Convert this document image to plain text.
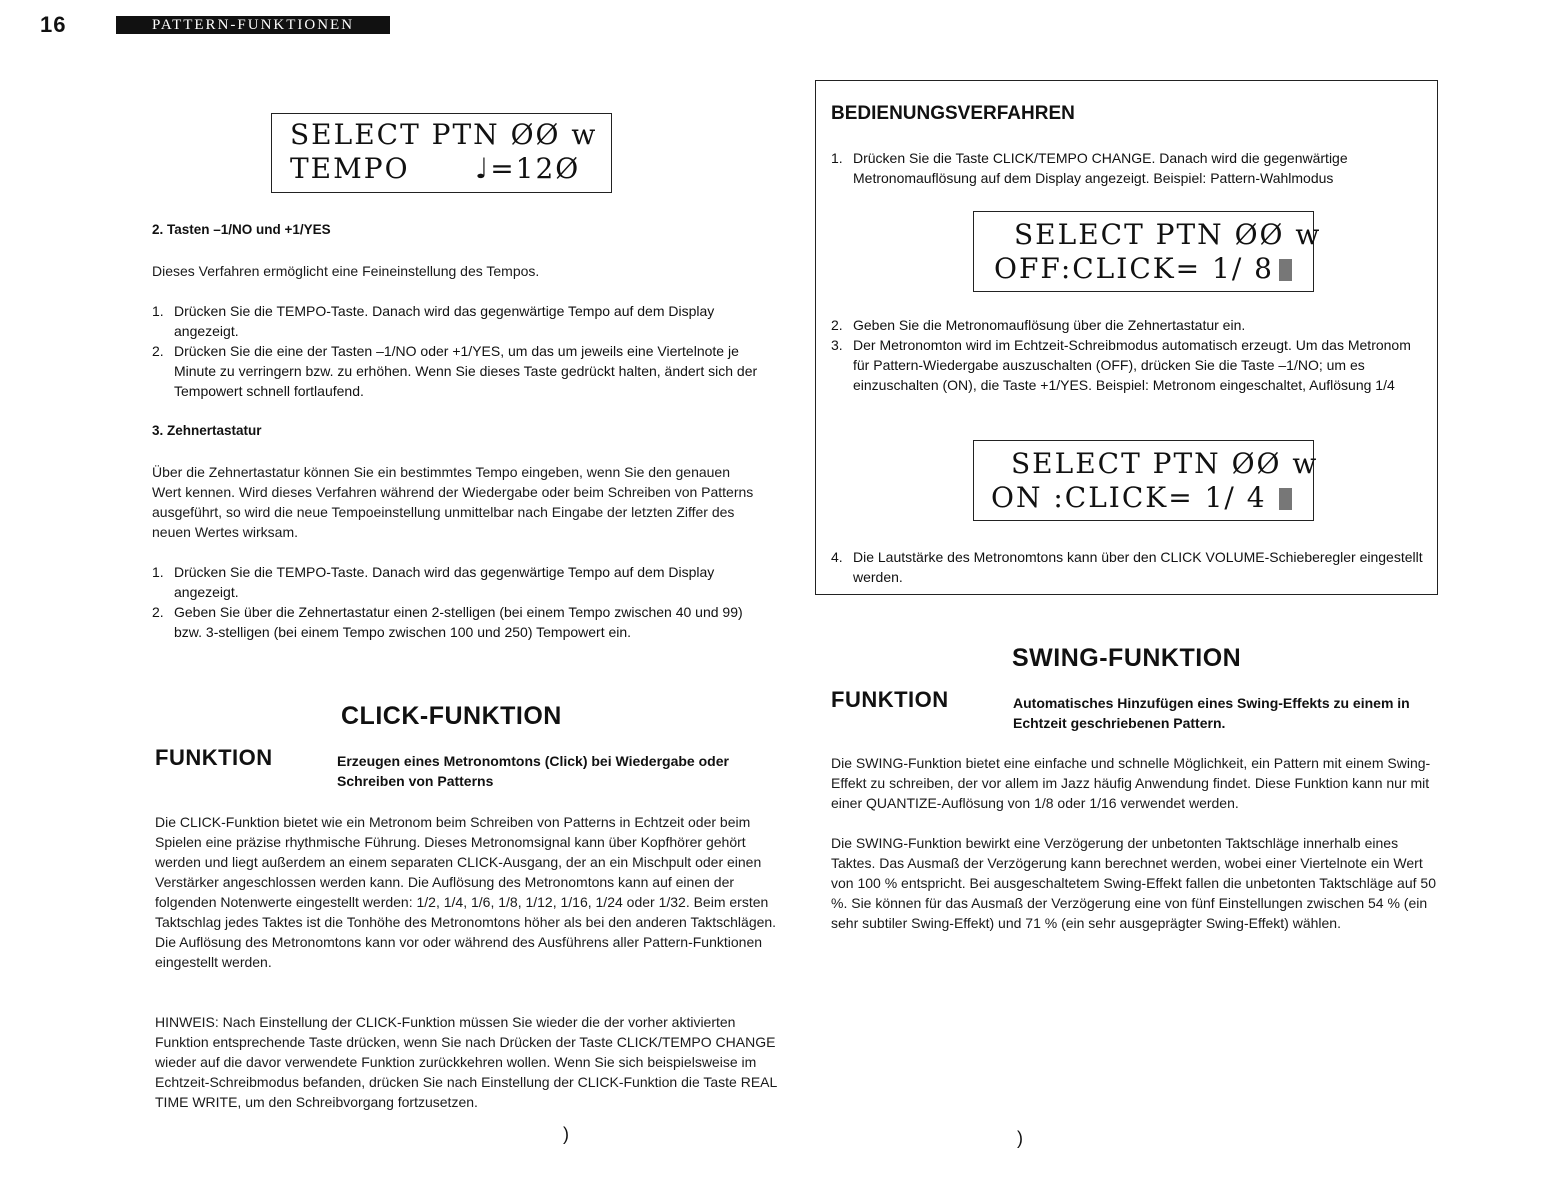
16	PATTERN-FUNKTIONEN
SELECT PTN ØØ w
TEMPO      ♩=12Ø
2. Tasten –1/NO und +1/YES
Dieses Verfahren ermöglicht eine Feineinstellung des Tempos.
1. Drücken Sie die TEMPO-Taste. Danach wird das gegenwärtige Tempo auf dem Display angezeigt.
2. Drücken Sie die eine der Tasten –1/NO oder +1/YES, um das um jeweils eine Viertelnote je Minute zu verringern bzw. zu erhöhen. Wenn Sie dieses Taste gedrückt halten, ändert sich der Tempowert schnell fortlaufend.
3. Zehnertastatur
Über die Zehnertastatur können Sie ein bestimmtes Tempo eingeben, wenn Sie den genauen Wert kennen. Wird dieses Verfahren während der Wiedergabe oder beim Schreiben von Patterns ausgeführt, so wird die neue Tempoeinstellung unmittelbar nach Eingabe der letzten Ziffer des neuen Wertes wirksam.
1. Drücken Sie die TEMPO-Taste. Danach wird das gegenwärtige Tempo auf dem Display angezeigt.
2. Geben Sie über die Zehnertastatur einen 2-stelligen (bei einem Tempo zwischen 40 und 99) bzw. 3-stelligen (bei einem Tempo zwischen 100 und 250) Tempowert ein.
CLICK-FUNKTION
FUNKTION	Erzeugen eines Metronomtons (Click) bei Wiedergabe oder Schreiben von Patterns
Die CLICK-Funktion bietet wie ein Metronom beim Schreiben von Patterns in Echtzeit oder beim Spielen eine präzise rhythmische Führung. Dieses Metronomsignal kann über Kopfhörer gehört werden und liegt außerdem an einem separaten CLICK-Ausgang, der an ein Mischpult oder einen Verstärker angeschlossen werden kann. Die Auflösung des Metronomtons kann auf einen der folgenden Notenwerte eingestellt werden: 1/2, 1/4, 1/6, 1/8, 1/12, 1/16, 1/24 oder 1/32. Beim ersten Taktschlag jedes Taktes ist die Tonhöhe des Metronomtons höher als bei den anderen Taktschlägen. Die Auflösung des Metronomtons kann vor oder während des Ausführens aller Pattern-Funktionen eingestellt werden.
HINWEIS: Nach Einstellung der CLICK-Funktion müssen Sie wieder die der vorher aktivierten Funktion entsprechende Taste drücken, wenn Sie nach Drücken der Taste CLICK/TEMPO CHANGE wieder auf die davor verwendete Funktion zurückkehren wollen. Wenn Sie sich beispielsweise im Echtzeit-Schreibmodus befanden, drücken Sie nach Einstellung der CLICK-Funktion die Taste REAL TIME WRITE, um den Schreibvorgang fortzusetzen.
BEDIENUNGSVERFAHREN
1. Drücken Sie die Taste CLICK/TEMPO CHANGE. Danach wird die gegenwärtige Metronomauflösung auf dem Display angezeigt. Beispiel: Pattern-Wahlmodus
SELECT PTN ØØ w
OFF:CLICK= 1/ 8
2. Geben Sie die Metronomauflösung über die Zehnertastatur ein.
3. Der Metronomton wird im Echtzeit-Schreibmodus automatisch erzeugt. Um das Metronom für Pattern-Wiedergabe auszuschalten (OFF), drücken Sie die Taste –1/NO; um es einzuschalten (ON), die Taste +1/YES. Beispiel: Metronom eingeschaltet, Auflösung 1/4
SELECT PTN ØØ w
ON :CLICK= 1/ 4
4. Die Lautstärke des Metronomtons kann über den CLICK VOLUME-Schieberegler eingestellt werden.
SWING-FUNKTION
FUNKTION	Automatisches Hinzufügen eines Swing-Effekts zu einem in Echtzeit geschriebenen Pattern.
Die SWING-Funktion bietet eine einfache und schnelle Möglichkeit, ein Pattern mit einem Swing-Effekt zu schreiben, der vor allem im Jazz häufig Anwendung findet. Diese Funktion kann nur mit einer QUANTIZE-Auflösung von 1/8 oder 1/16 verwendet werden.
Die SWING-Funktion bewirkt eine Verzögerung der unbetonten Taktschläge innerhalb eines Taktes. Das Ausmaß der Verzögerung kann berechnet werden, wobei einer Viertelnote ein Wert von 100 % entspricht. Bei ausgeschaltetem Swing-Effekt fallen die unbetonten Taktschläge auf 50 %. Sie können für das Ausmaß der Verzögerung eine von fünf Einstellungen zwischen 54 % (ein sehr subtiler Swing-Effekt) und 71 % (ein sehr ausgeprägter Swing-Effekt) wählen.
)	)
